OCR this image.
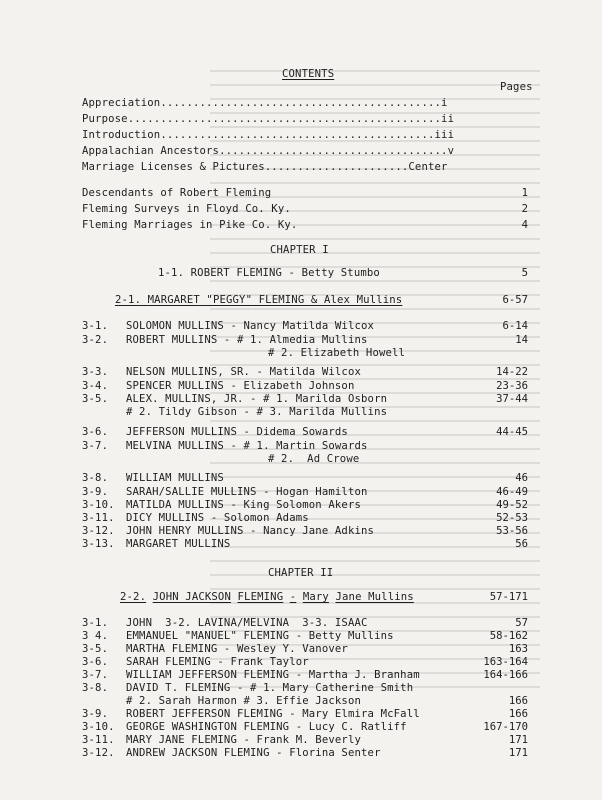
CONTENTS
Pages
Appreciation...........................................i
Purpose................................................ii
Introduction..........................................iii
Appalachian Ancestors...................................v
Marriage Licenses & Pictures......................Center
Descendants of Robert Fleming	1
Fleming Surveys in Floyd Co. Ky.	2
Fleming Marriages in Pike Co. Ky.	4
CHAPTER I
1-1. ROBERT FLEMING - Betty Stumbo	5
2-1. MARGARET "PEGGY" FLEMING & Alex Mullins	6-57
3-1. SOLOMON MULLINS - Nancy Matilda Wilcox	6-14
3-2. ROBERT MULLINS - # 1. Almedia Mullins	14
# 2. Elizabeth Howell
3-3. NELSON MULLINS, SR. - Matilda Wilcox	14-22
3-4. SPENCER MULLINS - Elizabeth Johnson	23-36
3-5. ALEX. MULLINS, JR. - # 1. Marilda Osborn	37-44
# 2. Tildy Gibson - # 3. Marilda Mullins
3-6. JEFFERSON MULLINS - Didema Sowards	44-45
3-7. MELVINA MULLINS - # 1. Martin Sowards
# 2.  Ad Crowe
3-8. WILLIAM MULLINS	46
3-9. SARAH/SALLIE MULLINS - Hogan Hamilton	46-49
3-10. MATILDA MULLINS - King Solomon Akers	49-52
3-11. DICY MULLINS - Solomon Adams	52-53
3-12. JOHN HENRY MULLINS - Nancy Jane Adkins	53-56
3-13. MARGARET MULLINS	56
CHAPTER II
2-2. JOHN JACKSON FLEMING - Mary Jane Mullins	57-171
3-1. JOHN  3-2. LAVINA/MELVINA  3-3. ISAAC	57
3 4. EMMANUEL "MANUEL" FLEMING - Betty Mullins	58-162
3-5. MARTHA FLEMING - Wesley Y. Vanover	163
3-6. SARAH FLEMING - Frank Taylor	163-164
3-7. WILLIAM JEFFERSON FLEMING - Martha J. Branham	164-166
3-8. DAVID T. FLEMING - # 1. Mary Catherine Smith
# 2. Sarah Harmon # 3. Effie Jackson	166
3-9. ROBERT JEFFERSON FLEMING - Mary Elmira McFall	166
3-10. GEORGE WASHINGTON FLEMING - Lucy C. Ratliff	167-170
3-11. MARY JANE FLEMING - Frank M. Beverly	171
3-12. ANDREW JACKSON FLEMING - Florina Senter	171
